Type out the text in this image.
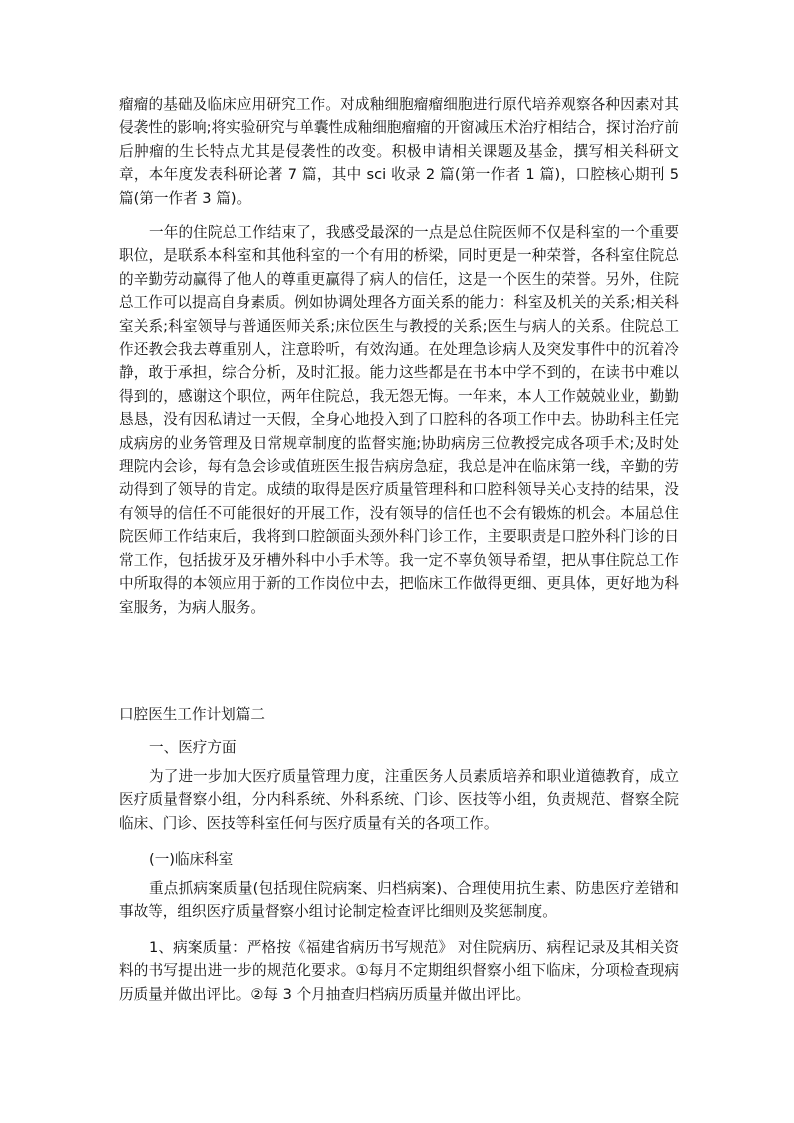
瘤瘤的基础及临床应用研究工作。对成釉细胞瘤瘤细胞进行原代培养观察各种因素对其侵袭性的影响;将实验研究与单囊性成釉细胞瘤瘤的开窗减压术治疗相结合，探讨治疗前后肿瘤的生长特点尤其是侵袭性的改变。积极申请相关课题及基金，撰写相关科研文章，本年度发表科研论著 7 篇，其中 sci 收录 2 篇(第一作者 1 篇)，口腔核心期刊 5 篇(第一作者 3 篇)。

一年的住院总工作结束了，我感受最深的一点是总住院医师不仅是科室的一个重要职位，是联系本科室和其他科室的一个有用的桥梁，同时更是一种荣誉，各科室住院总的辛勤劳动赢得了他人的尊重更赢得了病人的信任，这是一个医生的荣誉。另外，住院总工作可以提高自身素质。例如协调处理各方面关系的能力：科室及机关的关系;相关科室关系;科室领导与普通医师关系;床位医生与教授的关系;医生与病人的关系。住院总工作还教会我去尊重别人，注意聆听，有效沟通。在处理急诊病人及突发事件中的沉着冷静，敢于承担，综合分析，及时汇报。能力这些都是在书本中学不到的，在读书中难以得到的，感谢这个职位，两年住院总，我无怨无悔。一年来，本人工作兢兢业业，勤勤恳恳，没有因私请过一天假，全身心地投入到了口腔科的各项工作中去。协助科主任完成病房的业务管理及日常规章制度的监督实施;协助病房三位教授完成各项手术;及时处理院内会诊，每有急会诊或值班医生报告病房急症，我总是冲在临床第一线，辛勤的劳动得到了领导的肯定。成绩的取得是医疗质量管理科和口腔科领导关心支持的结果，没有领导的信任不可能很好的开展工作，没有领导的信任也不会有锻炼的机会。本届总住院医师工作结束后，我将到口腔颌面头颈外科门诊工作，主要职责是口腔外科门诊的日常工作，包括拔牙及牙槽外科中小手术等。我一定不辜负领导希望，把从事住院总工作中所取得的本领应用于新的工作岗位中去，把临床工作做得更细、更具体，更好地为科室服务，为病人服务。

口腔医生工作计划篇二

一、医疗方面

为了进一步加大医疗质量管理力度，注重医务人员素质培养和职业道德教育，成立医疗质量督察小组，分内科系统、外科系统、门诊、医技等小组，负责规范、督察全院临床、门诊、医技等科室任何与医疗质量有关的各项工作。

(一)临床科室

重点抓病案质量(包括现住院病案、归档病案)、合理使用抗生素、防患医疗差错和事故等，组织医疗质量督察小组讨论制定检查评比细则及奖惩制度。

1、病案质量：严格按《福建省病历书写规范》 对住院病历、病程记录及其相关资料的书写提出进一步的规范化要求。①每月不定期组织督察小组下临床，分项检查现病历质量并做出评比。②每 3 个月抽查归档病历质量并做出评比。
